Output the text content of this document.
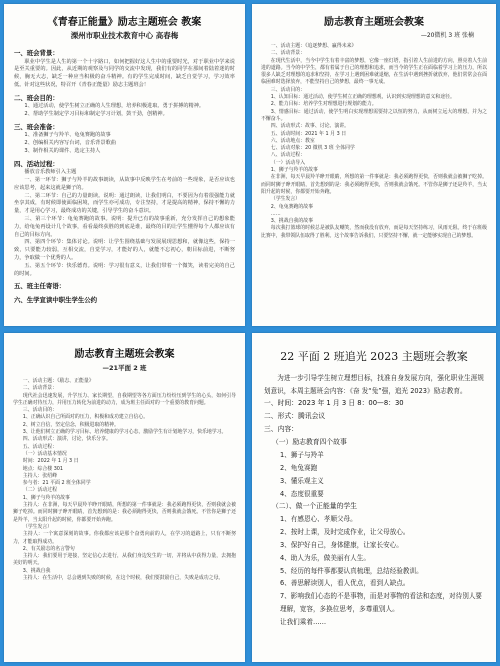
《青春正能量》励志主题班会 教案
溧州市职业技术教育中心 高春梅

一、班会背景：

职业中学生是人生的第一个十字路口，如何把握好这人生中的重要时光，对于职业中学来说是至关重要的。因此，从近期的观察及与同学的交流中发现，我们有的同学在那间着陆着迷的时候，胸无大志，缺乏一种应当积极的奋斗精神。有的学生完成时间，缺乏自觉学习，学习效率低。针对这些状况，特召开《青春正能量》励志主题班会！

二、班会目的：

1、通过活动，使学生树立正确的人生理想，培养积极进取、勇于拼搏的精神。

2、帮助学生制定学习目标和制定学习计划，鼓干劲，创精神。

三、班会准备：

1、准备狮子与羚羊、龟兔赛跑的故事

2、创编相关内容写台词，音乐背景歌曲

3、制作相关的课件、选定主持人

四、活动过程：

播放音乐教师引入主题

一、第一环节：狮子与羚羊的故事朗读，从故事中反映学生在考前的一些现象，是否应该也应该思考，起来这就是狮子的。

二、第二环节：自己的力量朗读。说明：通过朗读，让我们明白，不要因为有着很强能力就坐享其成，有时候即使面临困境，而学生亦可成功，专注坚持，才是提高的精神，保持不懈的力量，才是用心学习，最终成功的关键，引导学生的奋斗意识。

三、第三个环节：龟兔赛跑的故事。说明：提升已有的故事重新，充分发挥自己的想象能力，给龟兔再设计几个故事，看看最终获胜的到底是谁，最终的目的让学生懂得每个人都应该有自己的目标方向。

四、第四个环节：集体讨论。说明：让学生围绕基础与发展展现思想和，就像这些，保持一致，只要能力较弱，互相交流，自觉学习，才能好的人，就能不忘初心，朝目标前进，不断努力，争取做一个优秀的人。

五、第五个环节：快乐德育。说明：学习很有意义，让我们带着一个微笑，读着完美的自己的时间。

五、班主任寄语：

六、生学宣读中职生学生公约

励志教育主题班会教案
—20微机 3 班 张楠

一、活动主题：《追逐梦想、赢得未来》

二、活动背景：

在现代生活中，当今中学生有着丰富的梦想，它像一座灯塔，指引着人生前进的方向，照亮着人生前进的道路。当今的中学生，都有着属于自己的理想和追求，而当今的学生正在面临着学习上的压力，所以很多人缺乏对理想的追求和坚持，在学习上遇到困难就退缩，在生活中遇到挫折就放弃，他们常常会在面临困难时选择放弃，不能坚持自己的梦想，最终一事无成。

三、活动目的：

1、认知目标：通过活动，使学生树立正确的理想观，认识到实现理想的意义和途径。

2、能力目标：培养学生对理想进行规划的能力。

3、情感目标：通过活动，使学生明白实现理想需要持之以恒的努力，从而树立远大的理想，并为之不懈奋斗。

四、活动形式：故事、讨论、演讲。

五、活动时间：2021 年 1 月 3 日

六、活动地点：教室

七、活动对象：20 微机 3 班 全体同学

八、活动过程：

（一）活动导入

1、狮子与羚羊的故事

在非洲，每天早晨羚羊睁开眼睛，所想的第一件事就是：我必须跑得更快，否则我就会被狮子吃掉。而同时狮子睁开眼睛，首先想到的是：我必须跑得更快，否则我就会饿死。不管你是狮子还是羚羊，当太阳升起的时候，你都要开始奔跑。

（学生发言）

2、龟兔赛跑的故事

……

3、挑战自我的故事

每次我打篮球的时候总是被队友嘲笑，然而我没有放弃，而是每天坚持练习，风雨无阻。终于在班级比赛中，我带领队伍取得了胜利。这个故事告诉我们，只要坚持不懈，就一定能够实现自己的梦想。

励志教育主题班会教案
—21平面 2 班

一、活动主题：《励志、正能量》

二、活动背景：

现代社会迅速发展，升学压力、家长期望，自我期望等各方面压力纷纷压到学生的心头，如何引导学生正确对待压力，并用压力转化为前进的动力，成为班主任面对的一个重要的教育问题。

三、活动目的：

1、正确认识自己所面对的压力，积极和成功建立自信心。

2、树立自信，坚定信念，积极进取的精神。

3、让他们树立正确的学习目标，培养健康的学习心态，激励学生有计划地学习，快乐地学习。

四、活动形式：演讲，讨论，快乐分享。

五、活动过程：

（一）活动基本情况

时间：2022 年 1 月 3 日

地点：综合楼 301

主持人：张绍峰

参与者：21 平面 2 班全体同学

（二）活动过程

1、狮子与羚羊的故事

主持人：在非洲，每天早晨羚羊睁开眼睛，所想的第一件事就是：我必须跑得更快，否则我就会被狮子吃掉。而同时狮子睁开眼睛，首先想到的是：我必须跑得更快，否则我就会饿死。不管你是狮子还是羚羊，当太阳升起的时候，你都要开始奔跑。

（学生发言）

主持人：一个寓意深刻的故事。你我都应该是那个奋勇向前的人，在学习的道路上，只有不断努力，才能取得成功。

2、有关励志的名言警句

主持人：我们要用于迎接，坚定信心去进行，从我们身边发生的一切，并将从中获得力量，去拥抱美好的明天。

3、挑战自我

主持人：在生活中，总会遇到失败的时候，在这个时候，我们要鼓励自己，失败是成功之母。

22 平面 2 班追光 2023 主题班会教案

为进一步引导学生树立理想目标，找准自身发展方向，强化职业生涯规划意识，本周主题班会内容：《奋 发“兔”强，追光 2023》励志教育。

一、时间：2023 年 1 月 3 日 8：00—8：30

二、形式：腾讯会议

三、内容：

（一）励志教育四个故事

1、狮子与羚羊

2、龟兔赛跑

3、懂乐观主义

4、态度很重要

（二）、做一个正能量的学生

1、有感恩心、孝顺父母。

2、按时上课，及时完成作业，让父母放心。

3、保护好自己，身体健康，让家长安心。

4、助人为乐，做美丽有人生。

5、经历的每件事都要认真梳理，总结经验教训。

6、善思解读别人，看人优点，看到人缺点。

7、影响我们心态的不是事物，而是对事物的看法和态度，对待别人要理解，宽容，多换位思考，多尊重别人。

让我们乘着……
